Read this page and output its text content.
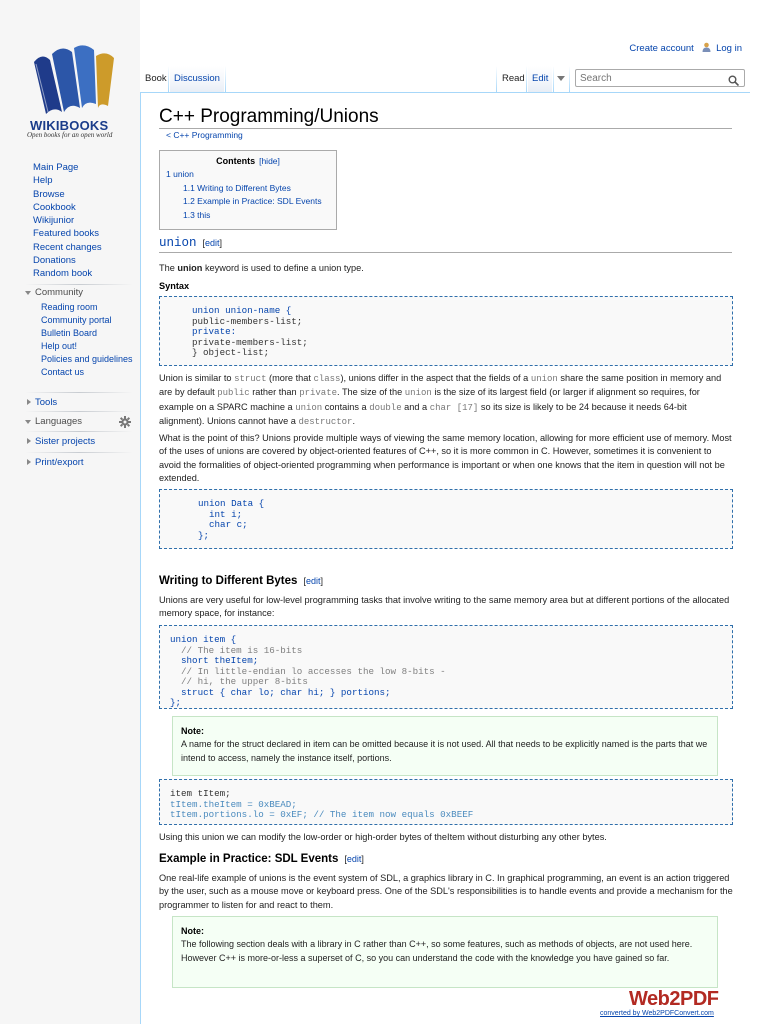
WIKIBOOKS
Open books for an open world
Main Page
Help
Browse
Cookbook
Wikijunior
Featured books
Recent changes
Donations
Random book
Community
Reading room
Community portal
Bulletin Board
Help out!
Policies and guidelines
Contact us
Tools
Languages
Sister projects
Print/export
Create account Log in
Book Discussion	Read Edit
Search
C++ Programming/Unions
< C++ Programming
Contents [hide]
1 union
1.1 Writing to Different Bytes
1.2 Example in Practice: SDL Events
1.3 this
union [edit]
The union keyword is used to define a union type.
Syntax
union union-name {
public-members-list;
private:
private-members-list;
} object-list;
Union is similar to struct (more that class), unions differ in the aspect that the fields of a union share the same position in memory and are by default public rather than private. The size of the union is the size of its largest field (or larger if alignment so requires, for example on a SPARC machine a union contains a double and a char [17] so its size is likely to be 24 because it needs 64-bit alignment). Unions cannot have a destructor.
What is the point of this? Unions provide multiple ways of viewing the same memory location, allowing for more efficient use of memory. Most of the uses of unions are covered by object-oriented features of C++, so it is more common in C. However, sometimes it is convenient to avoid the formalities of object-oriented programming when performance is important or when one knows that the item in question will not be extended.
union Data {
int i;
char c;
};
Writing to Different Bytes [edit]
Unions are very useful for low-level programming tasks that involve writing to the same memory area but at different portions of the allocated memory space, for instance:
union item {
// The item is 16-bits
short theItem;
// In little-endian lo accesses the low 8-bits -
// hi, the upper 8-bits
struct { char lo; char hi; } portions;
};
Note:
A name for the struct declared in item can be omitted because it is not used. All that needs to be explicitly named is the parts that we intend to access, namely the instance itself, portions.
item tItem;
tItem.theItem = 0xBEAD;
tItem.portions.lo = 0xEF; // The item now equals 0xBEEF
Using this union we can modify the low-order or high-order bytes of theItem without disturbing any other bytes.
Example in Practice: SDL Events [edit]
One real-life example of unions is the event system of SDL, a graphics library in C. In graphical programming, an event is an action triggered by the user, such as a mouse move or keyboard press. One of the SDL's responsibilities is to handle events and provide a mechanism for the programmer to listen for and react to them.
Note:
The following section deals with a library in C rather than C++, so some features, such as methods of objects, are not used here. However C++ is more-or-less a superset of C, so you can understand the code with the knowledge you have gained so far.
Web2PDF
converted by Web2PDFConvert.com
